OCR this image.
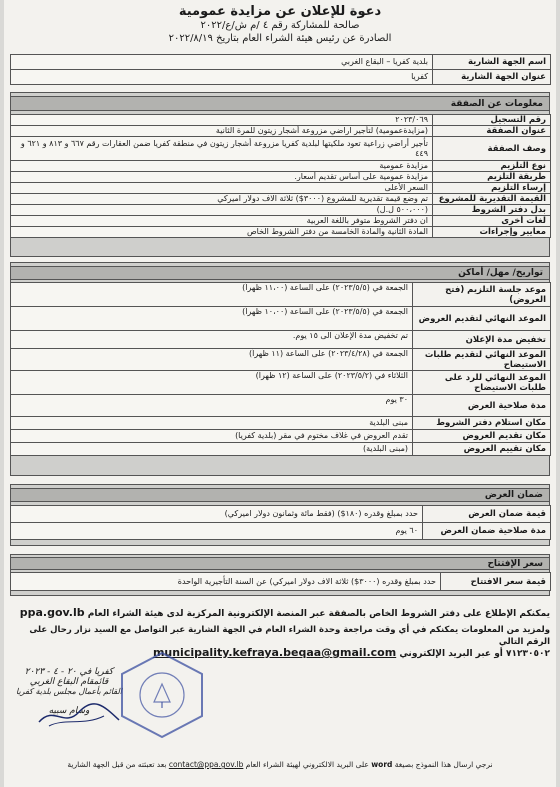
دعوة للإعلان عن مزايدة عمومية
صالحة للمشاركة رقم ٤ /م ش/ع/٢٠٢٢
الصادرة عن رئيس هيئة الشراء العام بتاريخ ٢٠٢٢/٨/١٩
اسم الجهة الشارية	بلدية كفريا – البقاع الغربي
عنوان الجهة الشارية	كفريا
معلومات عن الصفقة
رقم التسجيل	٢٠٢٣/٠٦٩
عنوان الصفقة	(مزايدةعمومية) لتأجير اراضي مزروعة أشجار زيتون للمرة الثانية
وصف الصفقة	تأجير أراضي زراعية تعود ملكيتها لبلدية كفريا مزروعة أشجار زيتون في منطقة كفريا ضمن العقارات رقم ٦٦٧ و ٨١٣ و ٦٢١ و ٤٤٩
نوع التلزيم	مزايدة عمومية
طريقة التلزيم	مزايدة عمومية على أساس تقديم أسعار.
إرساء التلزيم	السعر الأعلى
القيمة التقديرية للمشروع	تم وضع قيمة تقديرية للمشروع (٣٠٠٠$) ثلاثة الاف دولار اميركي
بدل دفتر الشروط	(٥٠٠،٠٠٠ ل.ل)
لغات أخرى	ان دفتر الشروط متوفر باللغة العربية
معايير وإجراءات	المادة الثانية والمادة الخامسة من دفتر الشروط الخاص
تواريخ/ مهل/ أماكن
موعد جلسة التلزيم (فتح العروض)	الجمعة في (٢٠٢٣/٥/٥) على الساعة (١١،٠٠ ظهراً)
الموعد النهائي لتقديم العروض	الجمعة في (٢٠٢٣/٥/٥) على الساعة (١٠،٠٠ ظهراً)
تخفيض مدة الإعلان	تم تخفيض مدة الإعلان الى ١٥ يوم.
الموعد النهائي لتقديم طلبات الاستيضاح	الجمعة في (٢٠٢٣/٤/٢٨) على الساعة (١١ ظهراً)
الموعد النهائي للرد على طلبات الاستيضاح	الثلاثاء في (٢٠٢٣/٥/٢) على الساعة (١٢ ظهراً)
مدة صلاحية العرض	٣٠ يوم
مكان استلام دفتر الشروط	مبنى البلدية
مكان تقديم العروض	تقدم العروض في غلاف مختوم في مقر (بلدية كفريا)
مكان تقييم العروض	(مبنى البلدية)
ضمان العرض
قيمة ضمان العرض	حدد بمبلغ وقدره (١٨٠$) (فقط مائة وثمانون دولار اميركي)
مدة صلاحية ضمان العرض	٦٠ يوم
سعر الإفتتاح
قيمة سعر الافتتاح	حدد بمبلغ وقدره (٣٠٠٠$) ثلاثة الاف دولار اميركي) عن السنة التأجيرية الواحدة
يمكنكم الإطلاع على دفتر الشروط الخاص بالصفقة عبر المنصة الإلكترونية المركزية لدى هيئة الشراء العام ppa.gov.lb
ولمزيد من المعلومات يمكنكم في أي وقت مراجعة وحدة الشراء العام في الجهة الشارية عبر التواصل مع السيد نزار رحال على الرقم التالي
٧١٢٣٠٥٠٢ أو عبر البريد الإلكتروني municipality.kefraya.beqaa@gmail.com
كفريا في ٢٠ - ٤ - ٢٠٢٣
قائمقام البقاع الغربي
القائم بأعمال مجلس بلدية كفريا
وسام سبيه
نرجي ارسال هذا النموذج بصيغة word على البريد الالكتروني لهيئة الشراء العام contact@ppa.gov.lb بعد تعبئته من قبل الجهة الشارية
